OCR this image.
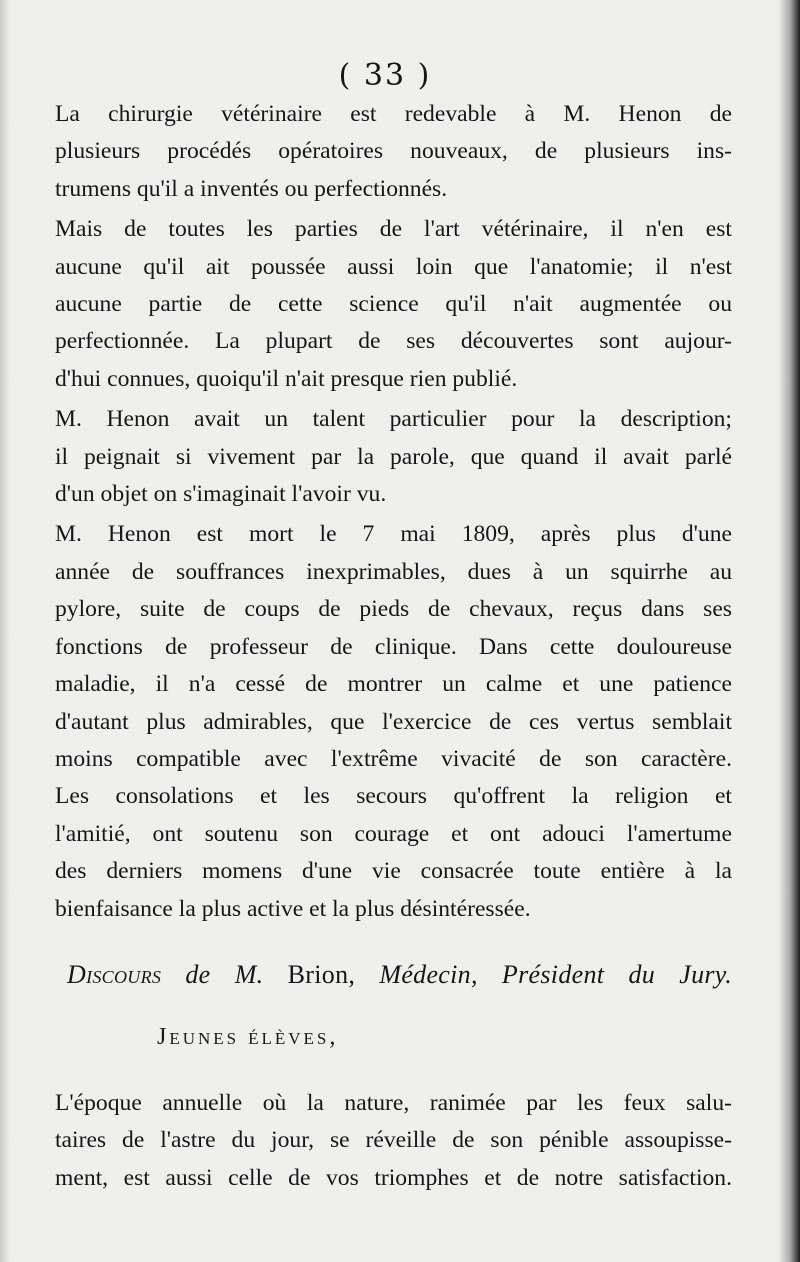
( 33 )
La chirurgie vétérinaire est redevable à M. Henon de
plusieurs procédés opératoires nouveaux, de plusieurs ins-
trumens qu'il a inventés ou perfectionnés.
Mais de toutes les parties de l'art vétérinaire, il n'en est
aucune qu'il ait poussée aussi loin que l'anatomie; il n'est
aucune partie de cette science qu'il n'ait augmentée ou
perfectionnée. La plupart de ses découvertes sont aujour-
d'hui connues, quoiqu'il n'ait presque rien publié.
M. Henon avait un talent particulier pour la description;
il peignait si vivement par la parole, que quand il avait parlé
d'un objet on s'imaginait l'avoir vu.
M. Henon est mort le 7 mai 1809, après plus d'une
année de souffrances inexprimables, dues à un squirrhe au
pylore, suite de coups de pieds de chevaux, reçus dans ses
fonctions de professeur de clinique. Dans cette douloureuse
maladie, il n'a cessé de montrer un calme et une patience
d'autant plus admirables, que l'exercice de ces vertus semblait
moins compatible avec l'extrême vivacité de son caractère.
Les consolations et les secours qu'offrent la religion et
l'amitié, ont soutenu son courage et ont adouci l'amertume
des derniers momens d'une vie consacrée toute entière à la
bienfaisance la plus active et la plus désintéressée.
Discours de M. Brion, Médecin, Président du Jury.
Jeunes élèves,
L'époque annuelle où la nature, ranimée par les feux salu-
taires de l'astre du jour, se réveille de son pénible assoupisse-
ment, est aussi celle de vos triomphes et de notre satisfaction.
